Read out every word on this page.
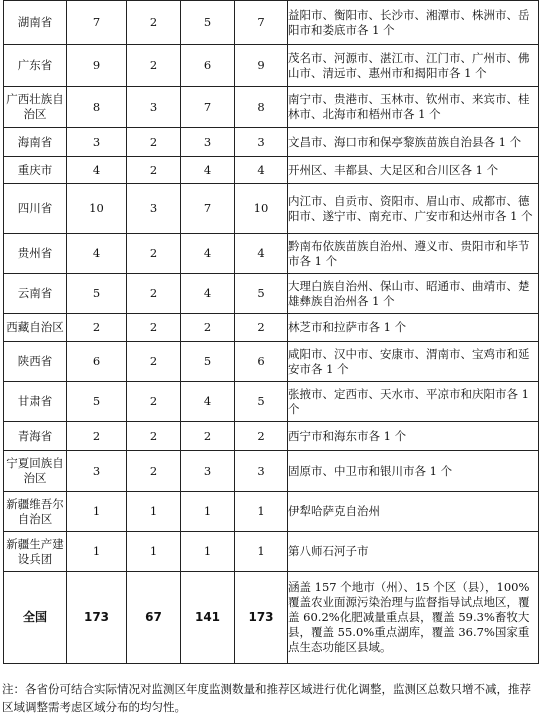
湖南省	7	2	5	7	益阳市、衡阳市、长沙市、湘潭市、株洲市、岳阳市和娄底市各 1 个
广东省	9	2	6	9	茂名市、河源市、湛江市、江门市、广州市、佛山市、清远市、惠州市和揭阳市各 1 个
广西壮族自治区	8	3	7	8	南宁市、贵港市、玉林市、钦州市、来宾市、桂林市、北海市和梧州市各 1 个
海南省	3	2	3	3	文昌市、海口市和保亭黎族苗族自治县各 1 个
重庆市	4	2	4	4	开州区、丰都县、大足区和合川区各 1 个
四川省	10	3	7	10	内江市、自贡市、资阳市、眉山市、成都市、德阳市、遂宁市、南充市、广安市和达州市各 1 个
贵州省	4	2	4	4	黔南布依族苗族自治州、遵义市、贵阳市和毕节市各 1 个
云南省	5	2	4	5	大理白族自治州、保山市、昭通市、曲靖市、楚雄彝族自治州各 1 个
西藏自治区	2	2	2	2	林芝市和拉萨市各 1 个
陕西省	6	2	5	6	咸阳市、汉中市、安康市、渭南市、宝鸡市和延安市各 1 个
甘肃省	5	2	4	5	张掖市、定西市、天水市、平凉市和庆阳市各 1 个
青海省	2	2	2	2	西宁市和海东市各 1 个
宁夏回族自治区	3	2	3	3	固原市、中卫市和银川市各 1 个
新疆维吾尔自治区	1	1	1	1	伊犁哈萨克自治州
新疆生产建设兵团	1	1	1	1	第八师石河子市
全国	173	67	141	173	涵盖 157 个地市（州）、15 个区（县），100%覆盖农业面源污染治理与监督指导试点地区，覆盖 60.2%化肥减量重点县，覆盖 59.3%畜牧大县，覆盖 55.0%重点湖库，覆盖 36.7%国家重点生态功能区县域。
注：各省份可结合实际情况对监测区年度监测数量和推荐区域进行优化调整，监测区总数只增不减，推荐区域调整需考虑区域分布的均匀性。
